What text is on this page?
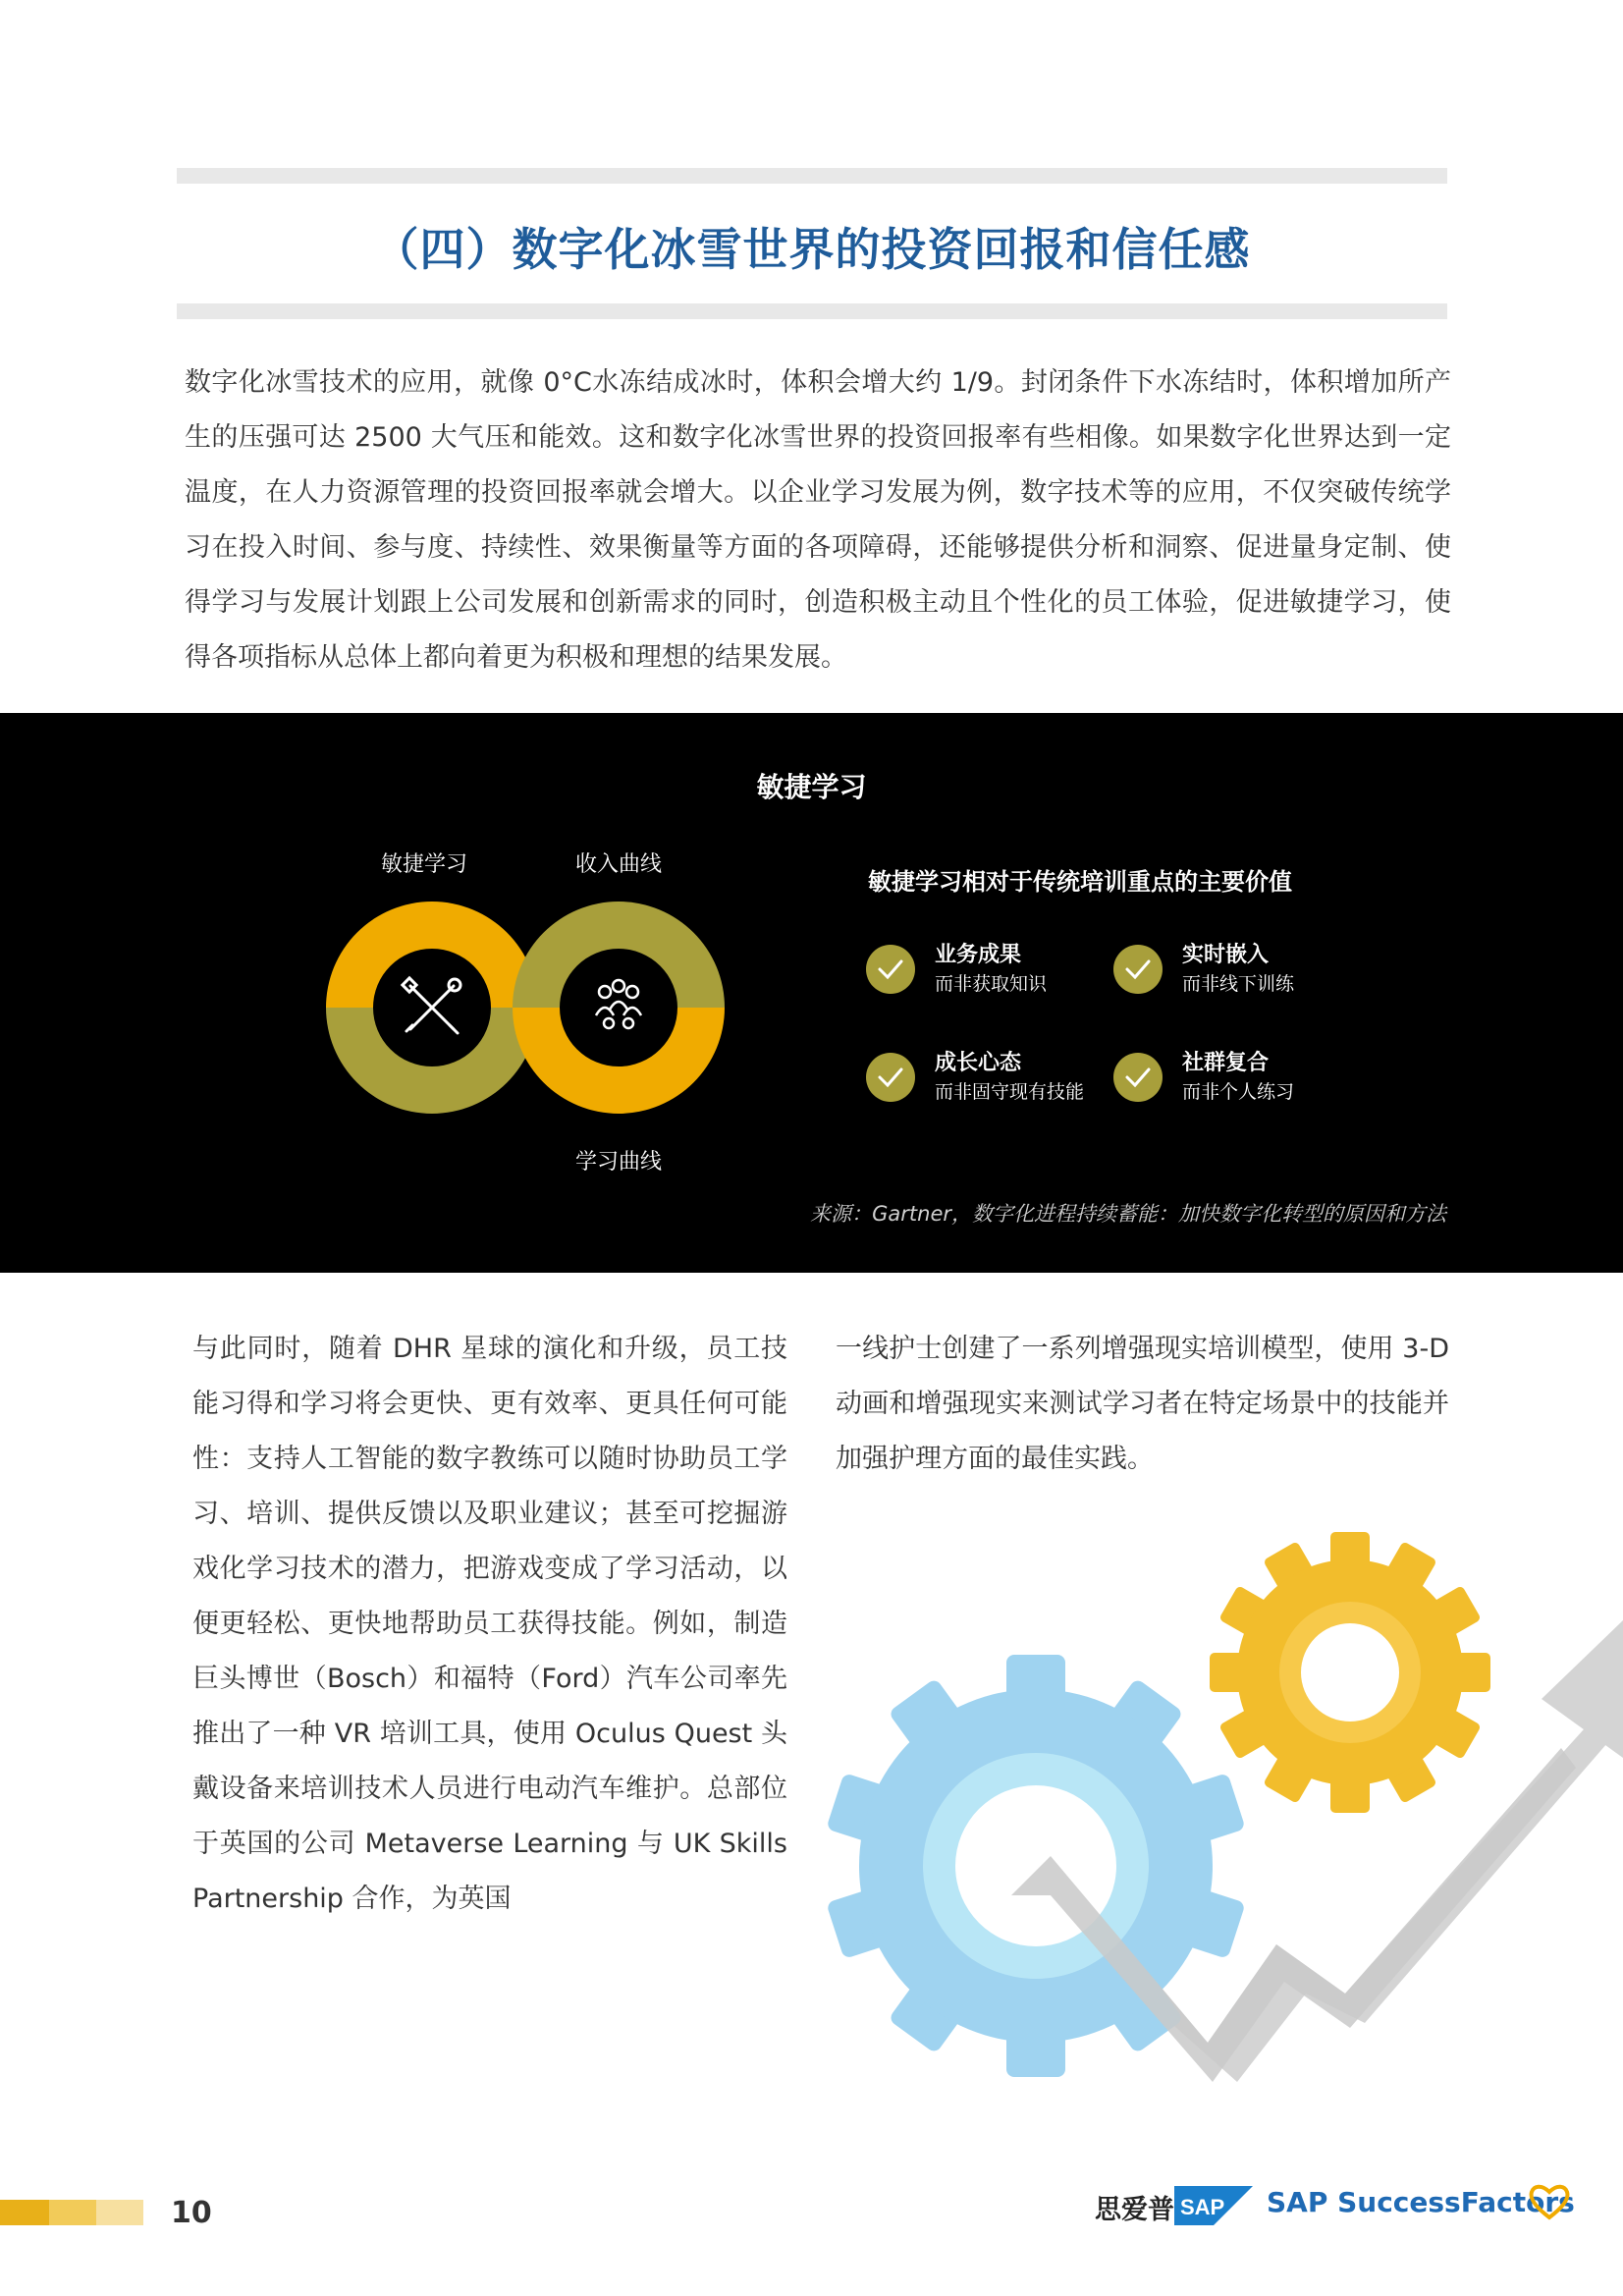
（四）数字化冰雪世界的投资回报和信任感

数字化冰雪技术的应用，就像 0°C水冻结成冰时，体积会增大约 1/9。封闭条件下水冻结时，体积增加所产生的压强可达 2500 大气压和能效。这和数字化冰雪世界的投资回报率有些相像。如果数字化世界达到一定温度，在人力资源管理的投资回报率就会增大。以企业学习发展为例，数字技术等的应用，不仅突破传统学习在投入时间、参与度、持续性、效果衡量等方面的各项障碍，还能够提供分析和洞察、促进量身定制、使得学习与发展计划跟上公司发展和创新需求的同时，创造积极主动且个性化的员工体验，促进敏捷学习，使得各项指标从总体上都向着更为积极和理想的结果发展。

敏捷学习
敏捷学习	收入曲线
学习曲线
敏捷学习相对于传统培训重点的主要价值
业务成果
而非获取知识
实时嵌入
而非线下训练
成长心态
而非固守现有技能
社群复合
而非个人练习
来源：Gartner，数字化进程持续蓄能：加快数字化转型的原因和方法

与此同时，随着 DHR 星球的演化和升级，员工技能习得和学习将会更快、更有效率、更具任何可能性：支持人工智能的数字教练可以随时协助员工学习、培训、提供反馈以及职业建议；甚至可挖掘游戏化学习技术的潜力，把游戏变成了学习活动，以便更轻松、更快地帮助员工获得技能。例如，制造巨头博世（Bosch）和福特（Ford）汽车公司率先推出了一种 VR 培训工具，使用 Oculus Quest 头戴设备来培训技术人员进行电动汽车维护。总部位于英国的公司 Metaverse Learning 与 UK Skills Partnership 合作，为英国

一线护士创建了一系列增强现实培训模型，使用 3-D 动画和增强现实来测试学习者在特定场景中的技能并加强护理方面的最佳实践。

10	思爱普 SAP SAP SuccessFactors
